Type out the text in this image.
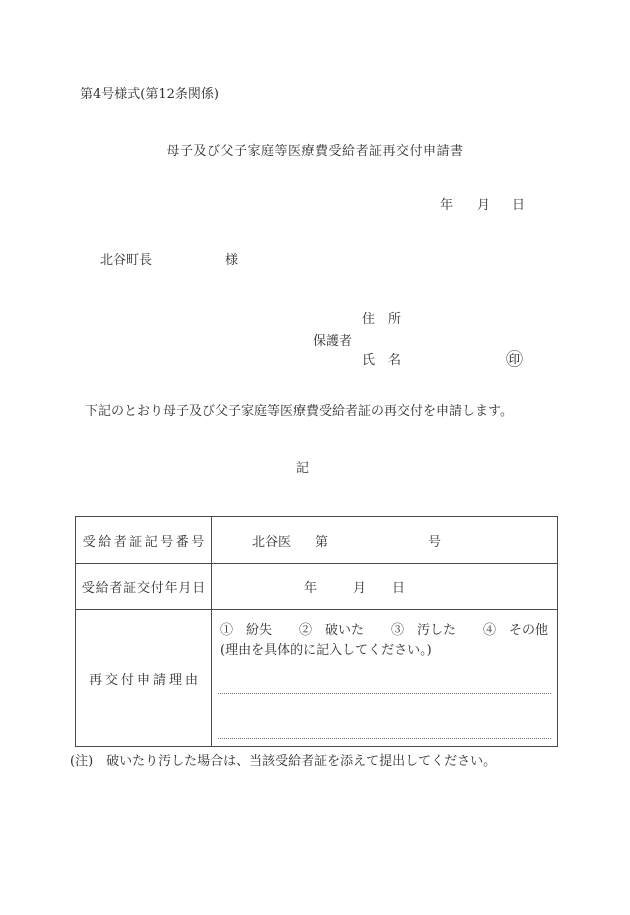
第4号様式(第12条関係)
母子及び父子家庭等医療費受給者証再交付申請書
年 月 日
北谷町長	様
保護者
住　所
氏　名	㊞
下記のとおり母子及び父子家庭等医療費受給者証の再交付を申請します。
記
受給者証記号番号	北谷医 第	号
受給者証交付年月日	年	月 日
再交付申請理由
①　紛失 ②　破いた ③　汚した ④　その他
(理由を具体的に記入してください。)
(注)　破いたり汚した場合は、当該受給者証を添えて提出してください。
